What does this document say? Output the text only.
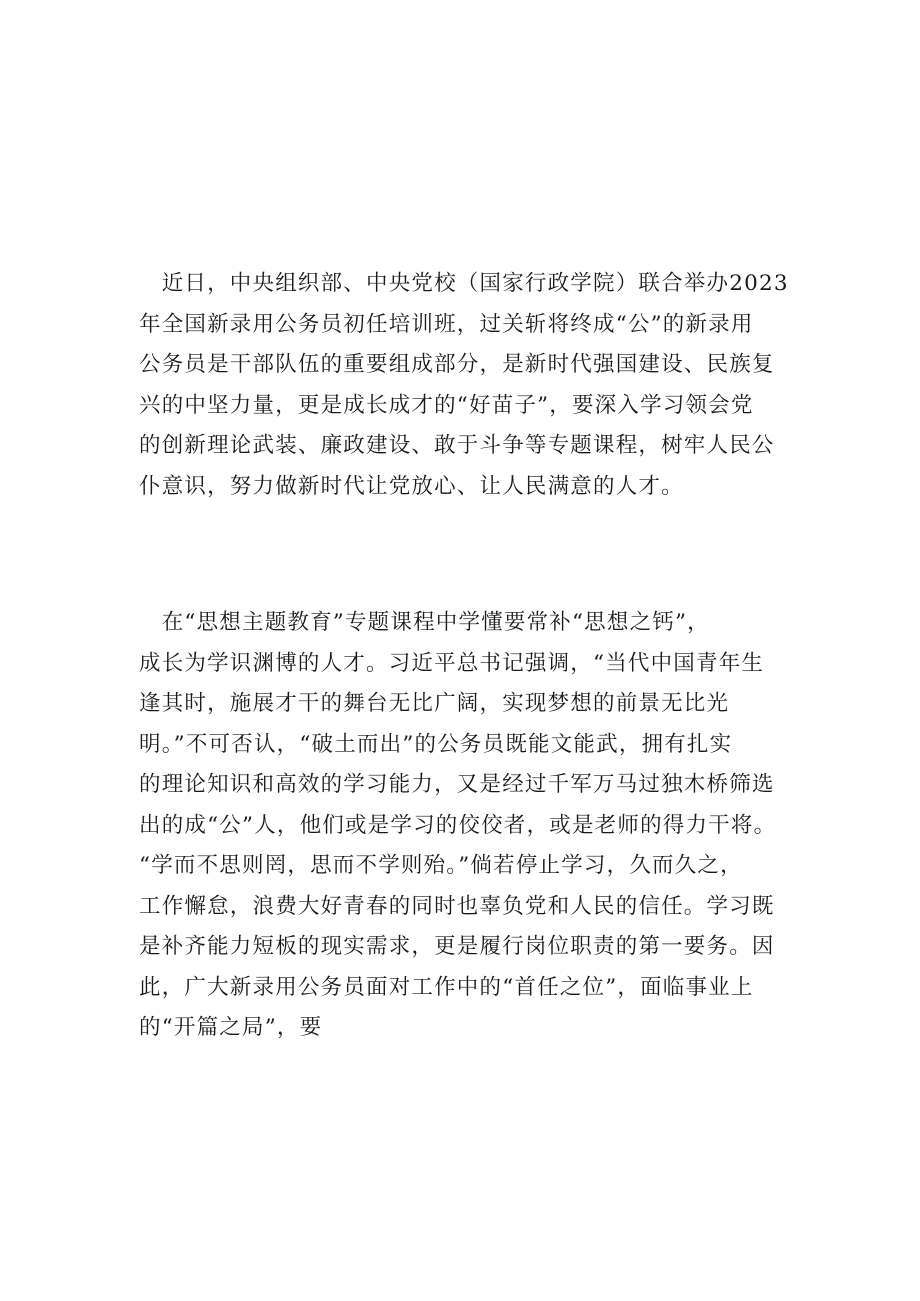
　近日，中央组织部、中央党校（国家行政学院）联合举办2023
年全国新录用公务员初任培训班，过关斩将终成“公”的新录用
公务员是干部队伍的重要组成部分，是新时代强国建设、民族复
兴的中坚力量，更是成长成才的“好苗子”，要深入学习领会党
的创新理论武装、廉政建设、敢于斗争等专题课程，树牢人民公
仆意识，努力做新时代让党放心、让人民满意的人才。

　在“思想主题教育”专题课程中学懂要常补“思想之钙”，
成长为学识渊博的人才。习近平总书记强调，“当代中国青年生
逢其时，施展才干的舞台无比广阔，实现梦想的前景无比光
明。”不可否认，“破土而出”的公务员既能文能武，拥有扎实
的理论知识和高效的学习能力，又是经过千军万马过独木桥筛选
出的成“公”人，他们或是学习的佼佼者，或是老师的得力干将。
“学而不思则罔，思而不学则殆。”倘若停止学习，久而久之，
工作懈怠，浪费大好青春的同时也辜负党和人民的信任。学习既
是补齐能力短板的现实需求，更是履行岗位职责的第一要务。因
此，广大新录用公务员面对工作中的“首任之位”，面临事业上
的“开篇之局”，要
